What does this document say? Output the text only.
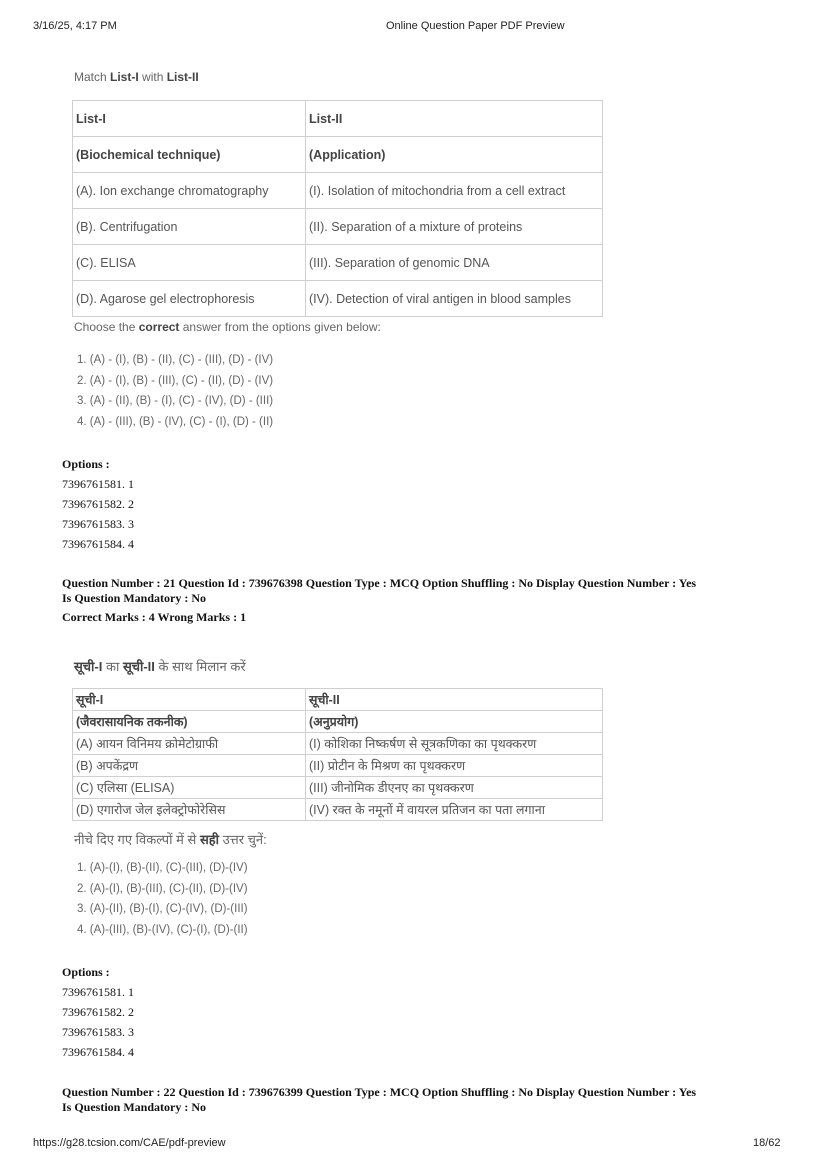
3/16/25, 4:17 PM	Online Question Paper PDF Preview
Match List-I with List-II
List-I	List-II
(Biochemical technique)	(Application)
(A). Ion exchange chromatography	(I). Isolation of mitochondria from a cell extract
(B). Centrifugation	(II). Separation of a mixture of proteins
(C). ELISA	(III). Separation of genomic DNA
(D). Agarose gel electrophoresis	(IV). Detection of viral antigen in blood samples
Choose the correct answer from the options given below:
1. (A) - (I), (B) - (II), (C) - (III), (D) - (IV)
2. (A) - (I), (B) - (III), (C) - (II), (D) - (IV)
3. (A) - (II), (B) - (I), (C) - (IV), (D) - (III)
4. (A) - (III), (B) - (IV), (C) - (I), (D) - (II)
Options :
7396761581. 1
7396761582. 2
7396761583. 3
7396761584. 4
Question Number : 21 Question Id : 739676398 Question Type : MCQ Option Shuffling : No Display Question Number : Yes
Is Question Mandatory : No
Correct Marks : 4 Wrong Marks : 1
सूची-I का सूची-II के साथ मिलान करें
सूची-I	सूची-II
(जैवरासायनिक तकनीक)	(अनुप्रयोग)
(A) आयन विनिमय क्रोमेटोग्राफी	(I) कोशिका निष्कर्षण से सूत्रकणिका का पृथक्करण
(B) अपकेंद्रण	(II) प्रोटीन के मिश्रण का पृथक्करण
(C) एलिसा (ELISA)	(III) जीनोमिक डीएनए का पृथक्करण
(D) एगारोज जेल इलेक्ट्रोफोरेसिस	(IV) रक्त के नमूनों में वायरल प्रतिजन का पता लगाना
नीचे दिए गए विकल्पों में से सही उत्तर चुनें:
1. (A)-(I), (B)-(II), (C)-(III), (D)-(IV)
2. (A)-(I), (B)-(III), (C)-(II), (D)-(IV)
3. (A)-(II), (B)-(I), (C)-(IV), (D)-(III)
4. (A)-(III), (B)-(IV), (C)-(I), (D)-(II)
Options :
7396761581. 1
7396761582. 2
7396761583. 3
7396761584. 4
Question Number : 22 Question Id : 739676399 Question Type : MCQ Option Shuffling : No Display Question Number : Yes
Is Question Mandatory : No
https://g28.tcsion.com/CAE/pdf-preview	18/62
